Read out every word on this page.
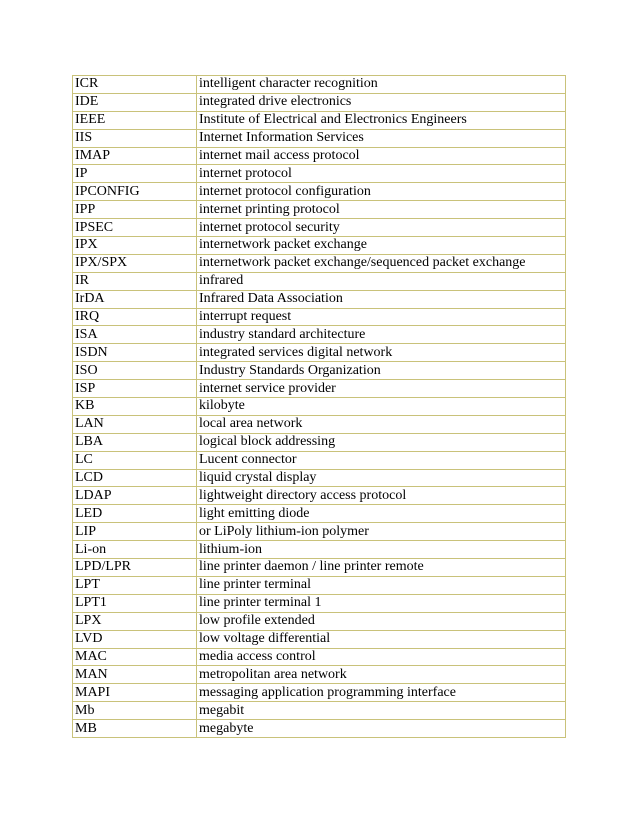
ICR	intelligent character recognition
IDE	integrated drive electronics
IEEE	Institute of Electrical and Electronics Engineers
IIS	Internet Information Services
IMAP	internet mail access protocol
IP	internet protocol
IPCONFIG	internet protocol configuration
IPP	internet printing protocol
IPSEC	internet protocol security
IPX	internetwork packet exchange
IPX/SPX	internetwork packet exchange/sequenced packet exchange
IR	infrared
IrDA	Infrared Data Association
IRQ	interrupt request
ISA	industry standard architecture
ISDN	integrated services digital network
ISO	Industry Standards Organization
ISP	internet service provider
KB	kilobyte
LAN	local area network
LBA	logical block addressing
LC	Lucent connector
LCD	liquid crystal display
LDAP	lightweight directory access protocol
LED	light emitting diode
LIP	or LiPoly lithium-ion polymer
Li-on	lithium-ion
LPD/LPR	line printer daemon / line printer remote
LPT	line printer terminal
LPT1	line printer terminal 1
LPX	low profile extended
LVD	low voltage differential
MAC	media access control
MAN	metropolitan area network
MAPI	messaging application programming interface
Mb	megabit
MB	megabyte
